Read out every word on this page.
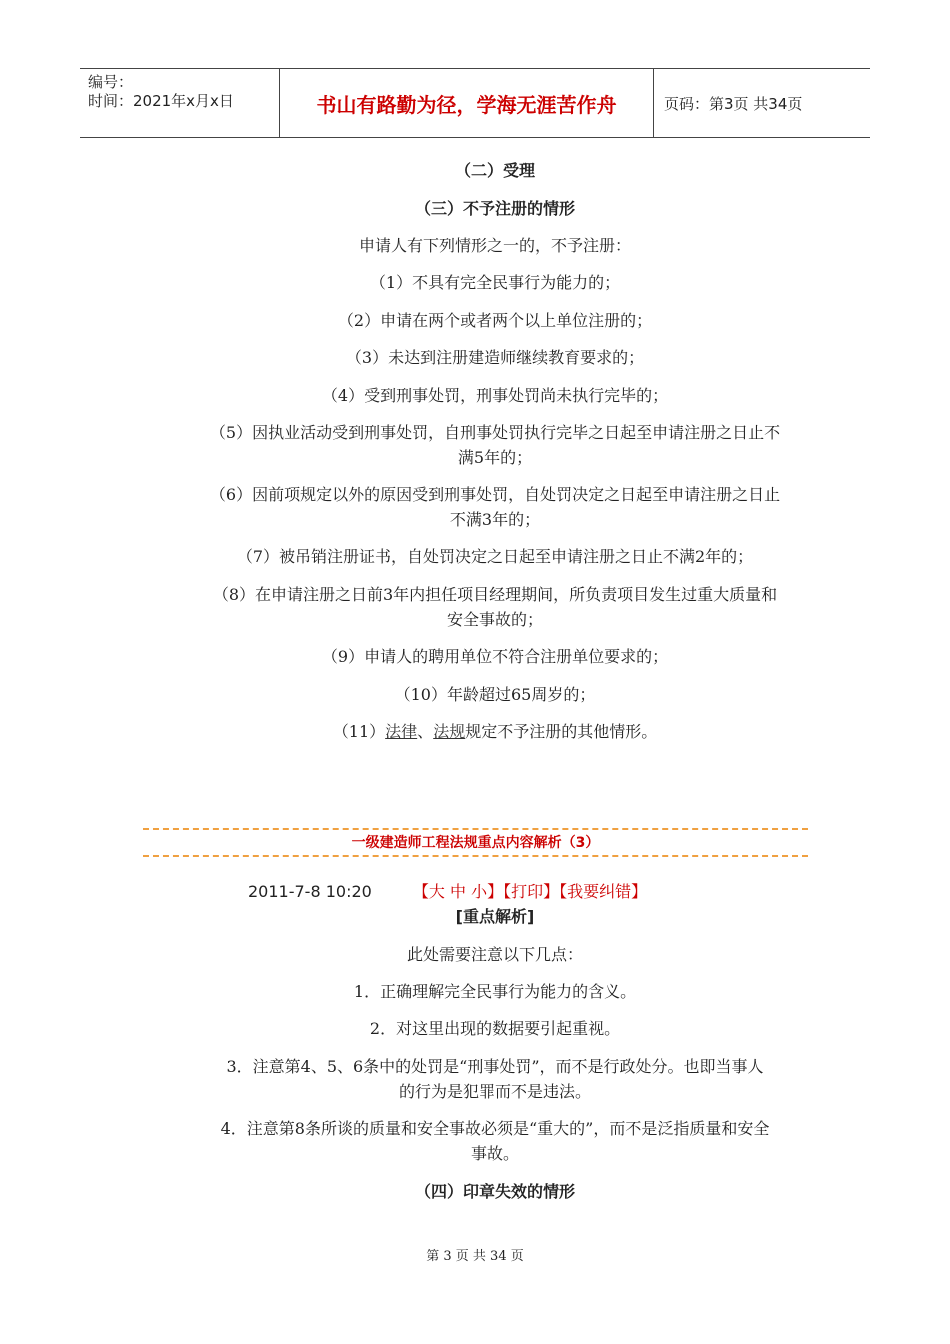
编号：
时间：2021年x月x日	书山有路勤为径，学海无涯苦作舟	页码：第3页 共34页
（二）受理
（三）不予注册的情形
申请人有下列情形之一的，不予注册：
（1）不具有完全民事行为能力的；
（2）申请在两个或者两个以上单位注册的；
（3）未达到注册建造师继续教育要求的；
（4）受到刑事处罚，刑事处罚尚未执行完毕的；
（5）因执业活动受到刑事处罚，自刑事处罚执行完毕之日起至申请注册之日止不
满5年的；
（6）因前项规定以外的原因受到刑事处罚，自处罚决定之日起至申请注册之日止
不满3年的；
（7）被吊销注册证书，自处罚决定之日起至申请注册之日止不满2年的；
（8）在申请注册之日前3年内担任项目经理期间，所负责项目发生过重大质量和
安全事故的；
（9）申请人的聘用单位不符合注册单位要求的；
（10）年龄超过65周岁的；
（11）法律、法规规定不予注册的其他情形。
一级建造师工程法规重点内容解析（3）
2011-7-8 10:20	【大 中 小】【打印】【我要纠错】
[重点解析]
此处需要注意以下几点：
1．正确理解完全民事行为能力的含义。
2．对这里出现的数据要引起重视。
3．注意第4、5、6条中的处罚是“刑事处罚”，而不是行政处分。也即当事人
的行为是犯罪而不是违法。
4．注意第8条所谈的质量和安全事故必须是“重大的”，而不是泛指质量和安全
事故。
（四）印章失效的情形
第 3 页 共 34 页
